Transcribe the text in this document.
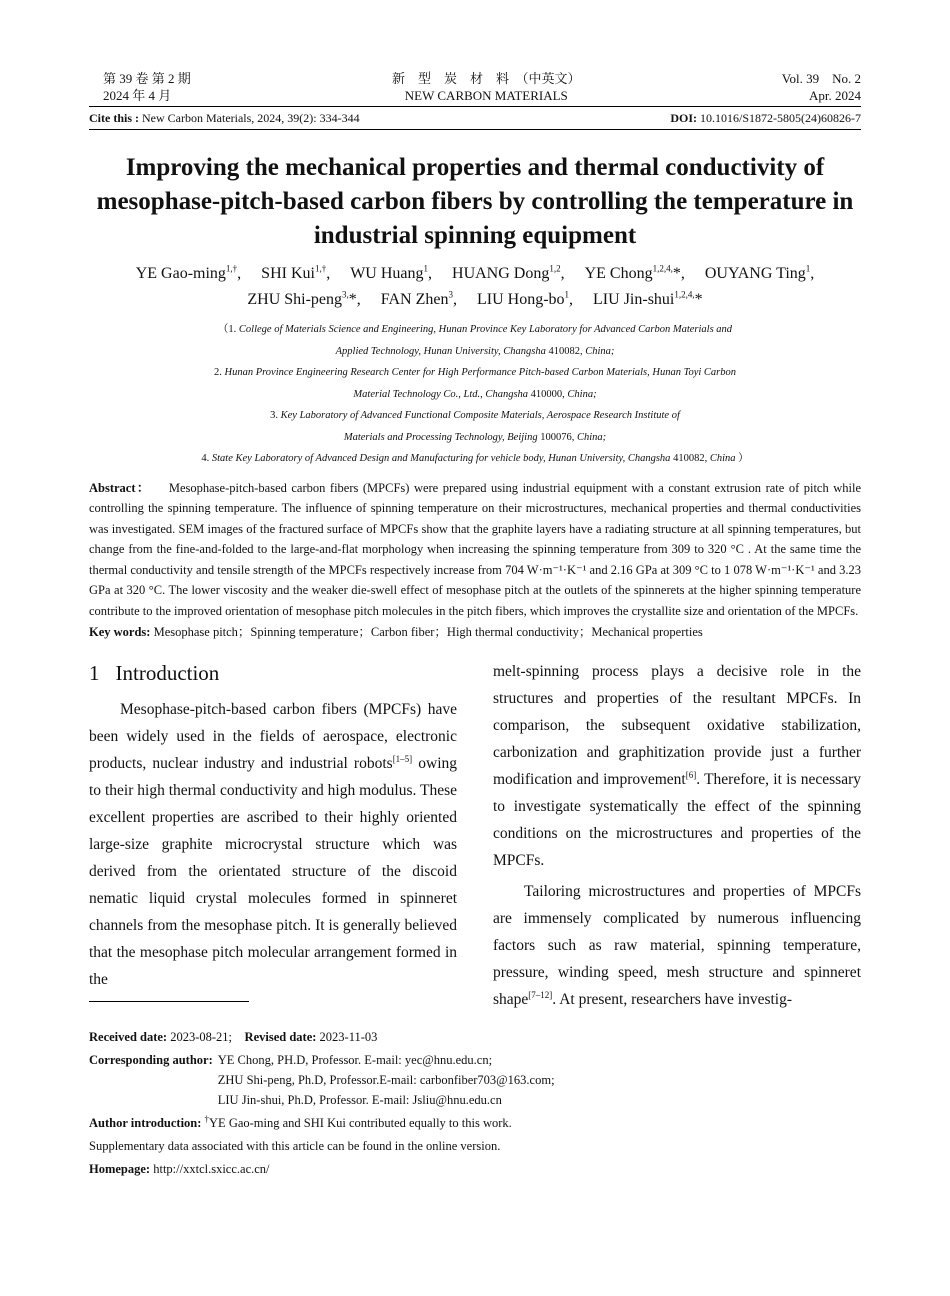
第 39 卷 第 2 期
2024 年 4 月
新　型　炭　材　料　（中英文）
NEW CARBON MATERIALS
Vol. 39　No. 2
Apr. 2024
Cite this : New Carbon Materials, 2024, 39(2): 334-344	DOI: 10.1016/S1872-5805(24)60826-7
Improving the mechanical properties and thermal conductivity of mesophase-pitch-based carbon fibers by controlling the temperature in industrial spinning equipment
YE Gao-ming$^{1,\dagger}$, SHI Kui$^{1,\dagger}$, WU Huang$^1$, HUANG Dong$^{1,2}$, YE Chong$^{1,2,4,}$*, OUYANG Ting$^1$,
ZHU Shi-peng$^{3,}$*, FAN Zhen$^3$, LIU Hong-$bo^1$, LIU Jin-shui$^{1,2,4,}$*
（1. College of Materials Science and Engineering, Hunan Province Key Laboratory for Advanced Carbon Materials and
Applied Technology, Hunan University, Changsha 410082, China;
2. Hunan Province Engineering Research Center for High Performance Pitch-based Carbon Materials, Hunan Toyi Carbon
Material Technology Co., Ltd., Changsha 410000, China;
3. Key Laboratory of Advanced Functional Composite Materials, Aerospace Research Institute of
Materials and Processing Technology, Beijing 100076, China;
4. State Key Laboratory of Advanced Design and Manufacturing for vehicle body, Hunan University, Changsha 410082, China ）
Abstract： Mesophase-pitch-based carbon fibers (MPCFs) were prepared using industrial equipment with a constant extrusion rate of pitch while controlling the spinning temperature. The influence of spinning temperature on their microstructures, mechanical properties and thermal conductivities was investigated. SEM images of the fractured surface of MPCFs show that the graphite layers have a radiating structure at all spinning temperatures, but change from the fine-and-folded to the large-and-flat morphology when increasing the spinning temperature from 309 to 320 °C . At the same time the thermal conductivity and tensile strength of the MPCFs respectively increase from 704 W·m⁻¹·K⁻¹ and 2.16 GPa at 309 °C to 1 078 W·m⁻¹·K⁻¹ and 3.23 GPa at 320 °C. The lower viscosity and the weaker die-swell effect of mesophase pitch at the outlets of the spinnerets at the higher spinning temperature contribute to the improved orientation of mesophase pitch molecules in the pitch fibers, which improves the crystallite size and orientation of the MPCFs.
Key words: Mesophase pitch；Spinning temperature；Carbon fiber；High thermal conductivity；Mechanical properties
1 Introduction

Mesophase-pitch-based carbon fibers (MPCFs) have been widely used in the fields of aerospace, electronic products, nuclear industry and industrial robots[1–5] owing to their high thermal conductivity and high modulus. These excellent properties are ascribed to their highly oriented large-size graphite microcrystal structure which was derived from the orientated structure of the discoid nematic liquid crystal molecules formed in spinneret channels from the mesophase pitch. It is generally believed that the mesophase pitch molecular arrangement formed in the

melt-spinning process plays a decisive role in the structures and properties of the resultant MPCFs. In comparison, the subsequent oxidative stabilization, carbonization and graphitization provide just a further modification and improvement[6]. Therefore, it is necessary to investigate systematically the effect of the spinning conditions on the microstructures and properties of the MPCFs.

Tailoring microstructures and properties of MPCFs are immensely complicated by numerous influencing factors such as raw material, spinning temperature, pressure, winding speed, mesh structure and spinneret shape[7–12]. At present, researchers have investig-

Received date: 2023-08-21; Revised date: 2023-11-03
Corresponding author: YE Chong, PH.D, Professor. E-mail: yec@hnu.edu.cn;
ZHU Shi-peng, Ph.D, Professor.E-mail: carbonfiber703@163.com;
LIU Jin-shui, Ph.D, Professor. E-mail: Jsliu@hnu.edu.cn
Author introduction: †YE Gao-ming and SHI Kui contributed equally to this work.
Supplementary data associated with this article can be found in the online version.
Homepage: http://xxtcl.sxicc.ac.cn/
